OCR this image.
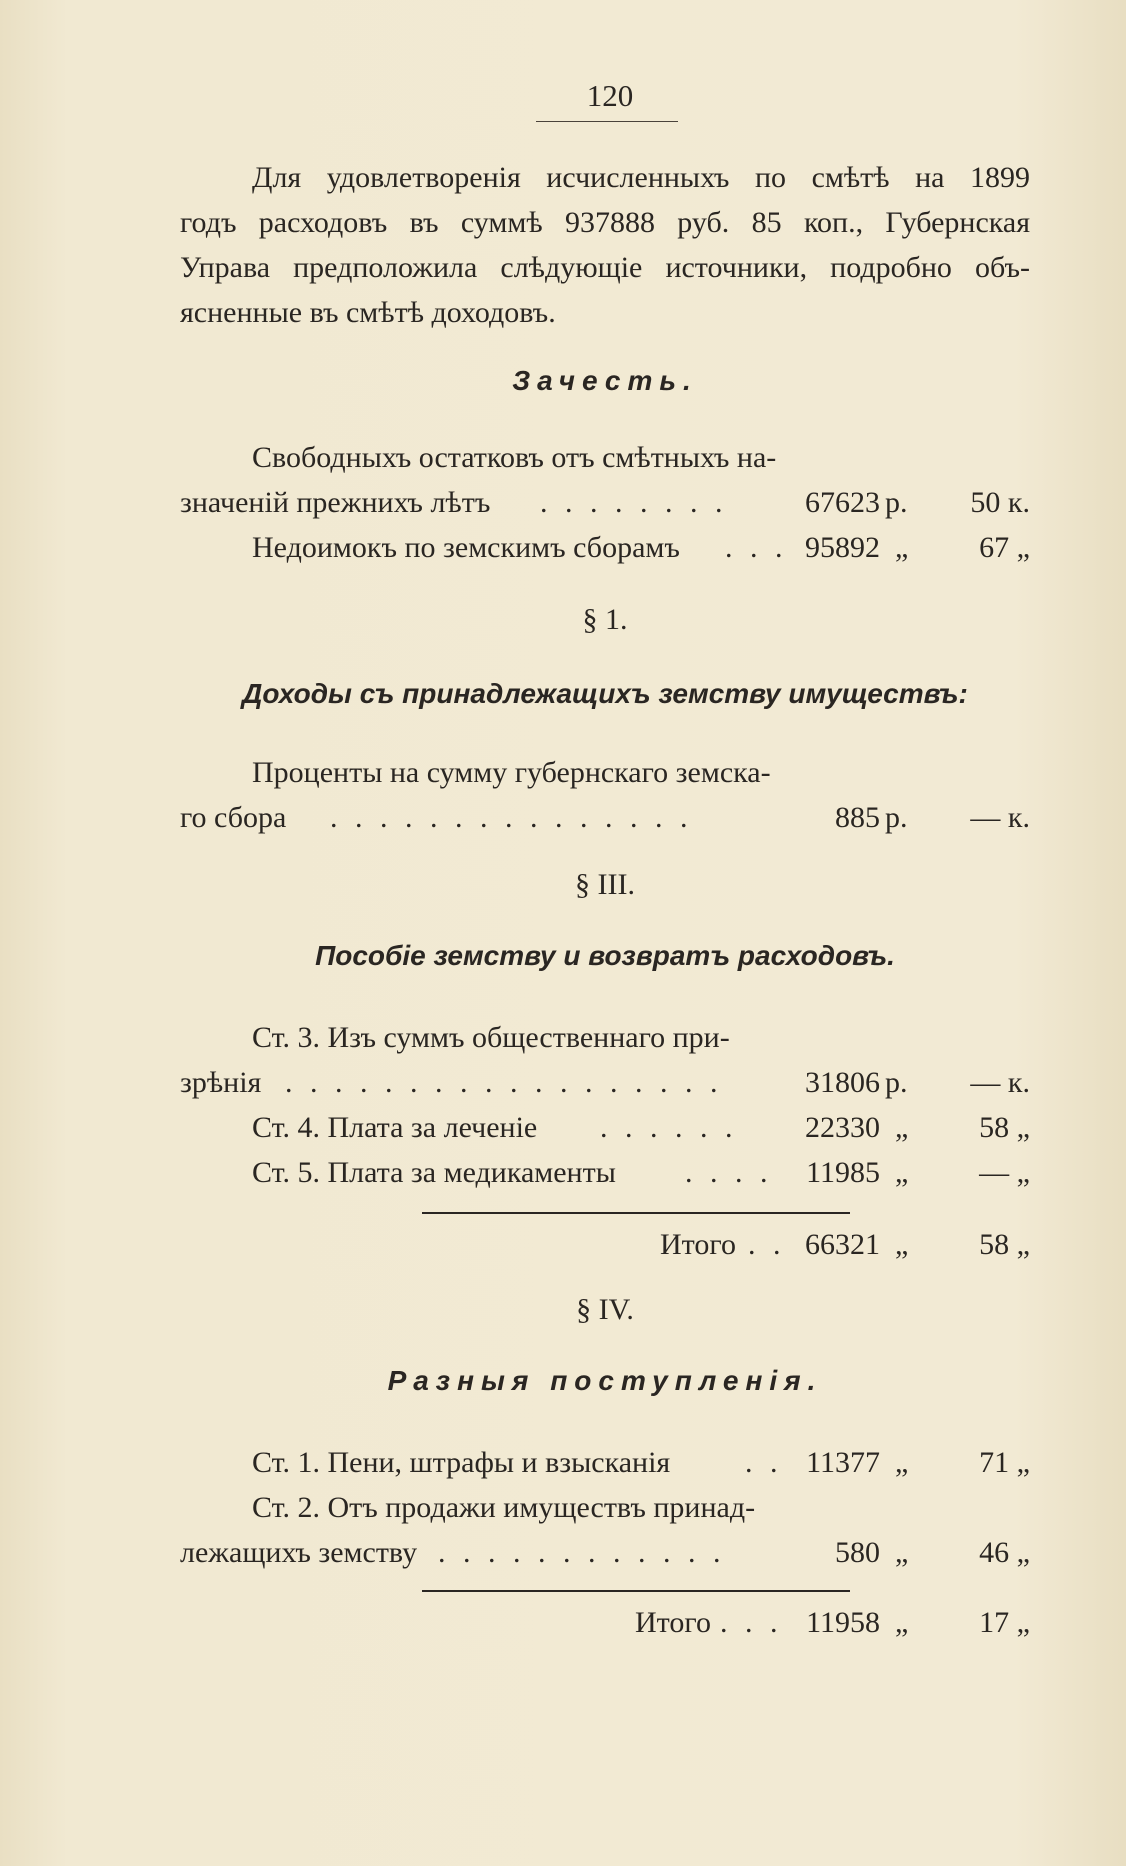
120
Для удовлетворенія исчисленныхъ по смѣтѣ на 1899
годъ расходовъ въ суммѣ 937888 руб. 85 коп., Губернская
Управа предположила слѣдующіе источники, подробно объ-
ясненные въ смѣтѣ доходовъ.
Зачесть.
Свободныхъ остатковъ отъ смѣтныхъ на-
значеній прежнихъ лѣтъ . . . . . . . .	67623 р. 50 к.
Недоимокъ по земскимъ сборамъ . . . 95892 „ 67 „
§ 1.
Доходы съ принадлежащихъ земству имуществъ:
Проценты на сумму губернскаго земска-
го сбора . . . . . . . . . . . . . . .	885 р. — к.
§ III.
Пособіе земству и возвратъ расходовъ.
Ст. 3. Изъ суммъ общественнаго при-
зрѣнія . . . . . . . . . . . . . . . . . .	31806 р. — к.
Ст. 4. Плата за леченіе . . . . . . 22330 „ 58 „
Ст. 5. Плата за медикаменты . . . . 11985 „ — „
Итого . . 66321 „ 58 „
§ IV.
Разныя поступленія.
Ст. 1. Пени, штрафы и взысканія . . 11377 „ 71 „
Ст. 2. Отъ продажи имуществъ принад-
лежащихъ земству . . . . . . . . . . . .	580 „ 46 „
Итого . . . 11958 „ 17 „
